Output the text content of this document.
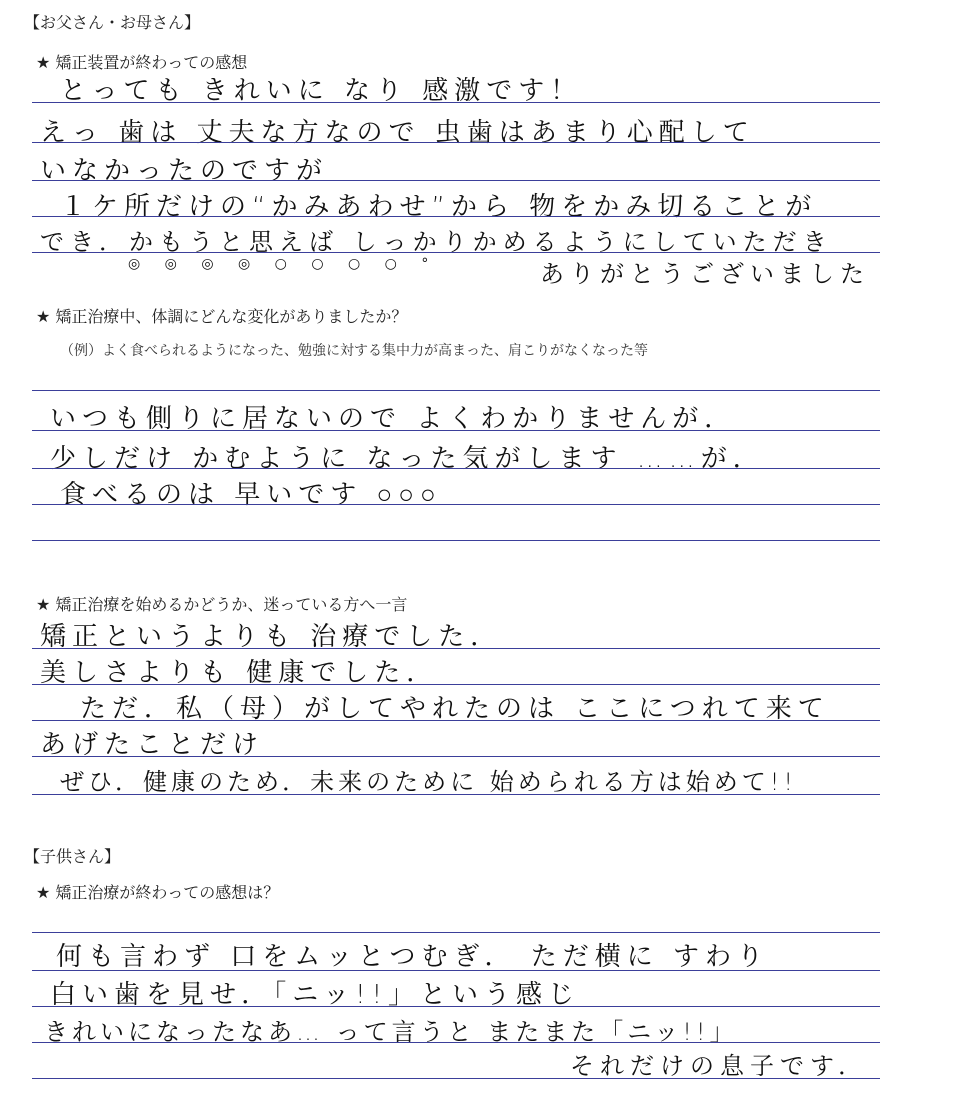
【お父さん・お母さん】
★ 矯正装置が終わっての感想
とっても きれいに なり 感激です！
えっ 歯は 丈夫な方なので 虫歯はあまり心配して
いなかったのですが
１ケ所だけの“かみあわせ”から 物をかみ切ることが
でき．かもうと思えば しっかりかめるようにしていただき
◎ ◎ ◎ ◎ ○ ○ ○ ○ °	ありがとうございました
★ 矯正治療中、体調にどんな変化がありましたか？
（例）よく食べられるようになった、勉強に対する集中力が高まった、肩こりがなくなった等
いつも側りに居ないので よくわかりませんが．
少しだけ かむように なった気がします ……が．
食べるのは 早いです ○○○
★ 矯正治療を始めるかどうか、迷っている方へ一言
矯正というよりも 治療でした．
美しさよりも 健康でした．
ただ．私（母）がしてやれたのは ここにつれて来て
あげたことだけ
ぜひ．健康のため．未来のために 始められる方は始めて!!
【子供さん】
★ 矯正治療が終わっての感想は？
何も言わず 口をムッとつむぎ． ただ横に すわり
白い歯を見せ．「ニッ!!」という感じ
きれいになったなあ… って言うと またまた「ニッ!!」
それだけの息子です．
